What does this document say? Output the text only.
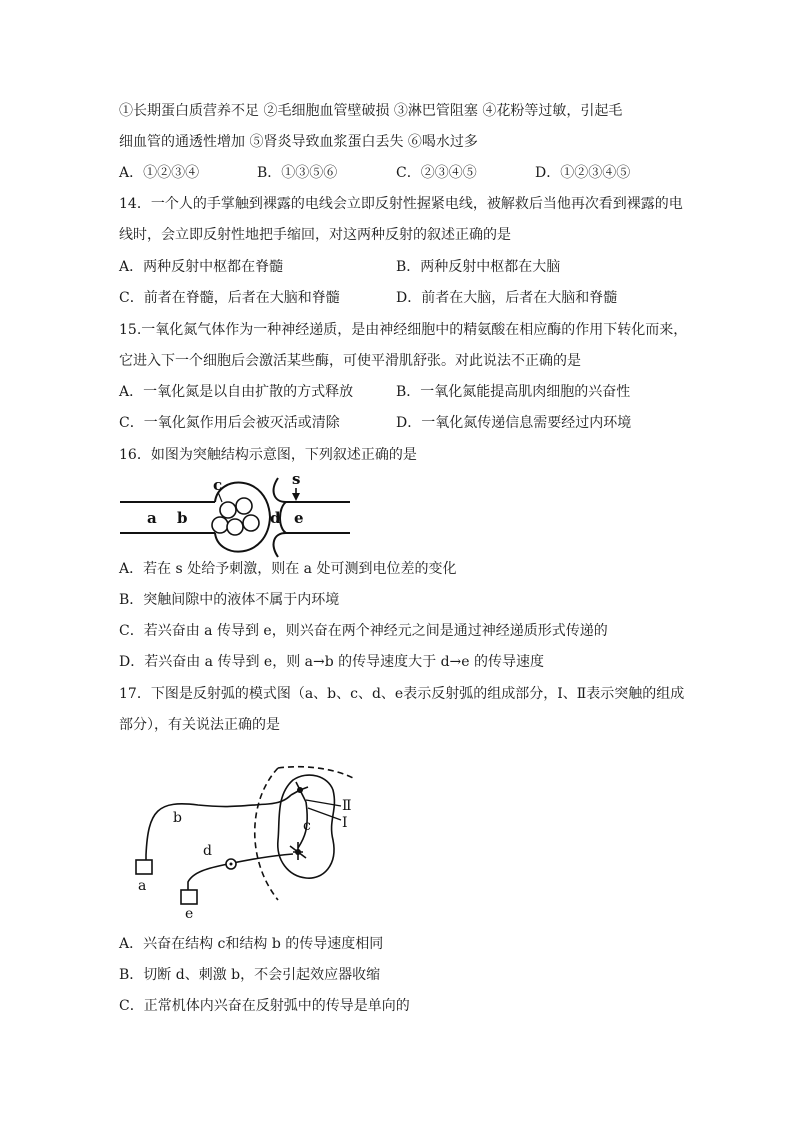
①长期蛋白质营养不足 ②毛细胞血管壁破损 ③淋巴管阻塞 ④花粉等过敏，引起毛
细血管的通透性增加 ⑤肾炎导致血浆蛋白丢失 ⑥喝水过多
A．①②③④	B．①③⑤⑥	C．②③④⑤	D．①②③④⑤
14．一个人的手掌触到裸露的电线会立即反射性握紧电线，被解救后当他再次看到裸露的电
线时，会立即反射性地把手缩回，对这两种反射的叙述正确的是
A．两种反射中枢都在脊髓	B．两种反射中枢都在大脑
C．前者在脊髓，后者在大脑和脊髓	D．前者在大脑，后者在大脑和脊髓
15.一氧化氮气体作为一种神经递质，是由神经细胞中的精氨酸在相应酶的作用下转化而来，
它进入下一个细胞后会激活某些酶，可使平滑肌舒张。对此说法不正确的是
A．一氧化氮是以自由扩散的方式释放	B．一氧化氮能提高肌肉细胞的兴奋性
C．一氧化氮作用后会被灭活或清除	D．一氧化氮传递信息需要经过内环境
16．如图为突触结构示意图，下列叙述正确的是
a b
c
d
s
e
A．若在 s 处给予刺激，则在 a 处可测到电位差的变化
B．突触间隙中的液体不属于内环境
C．若兴奋由 a 传导到 e，则兴奋在两个神经元之间是通过神经递质形式传递的
D．若兴奋由 a 传导到 e，则 a→b 的传导速度大于 d→e 的传导速度
17．下图是反射弧的模式图（a、b、c、d、e表示反射弧的组成部分，I、Ⅱ表示突触的组成
部分），有关说法正确的是
b
d
c
Ⅱ
I
a
e
A．兴奋在结构 c和结构 b 的传导速度相同
B．切断 d、刺激 b，不会引起效应器收缩
C．正常机体内兴奋在反射弧中的传导是单向的
